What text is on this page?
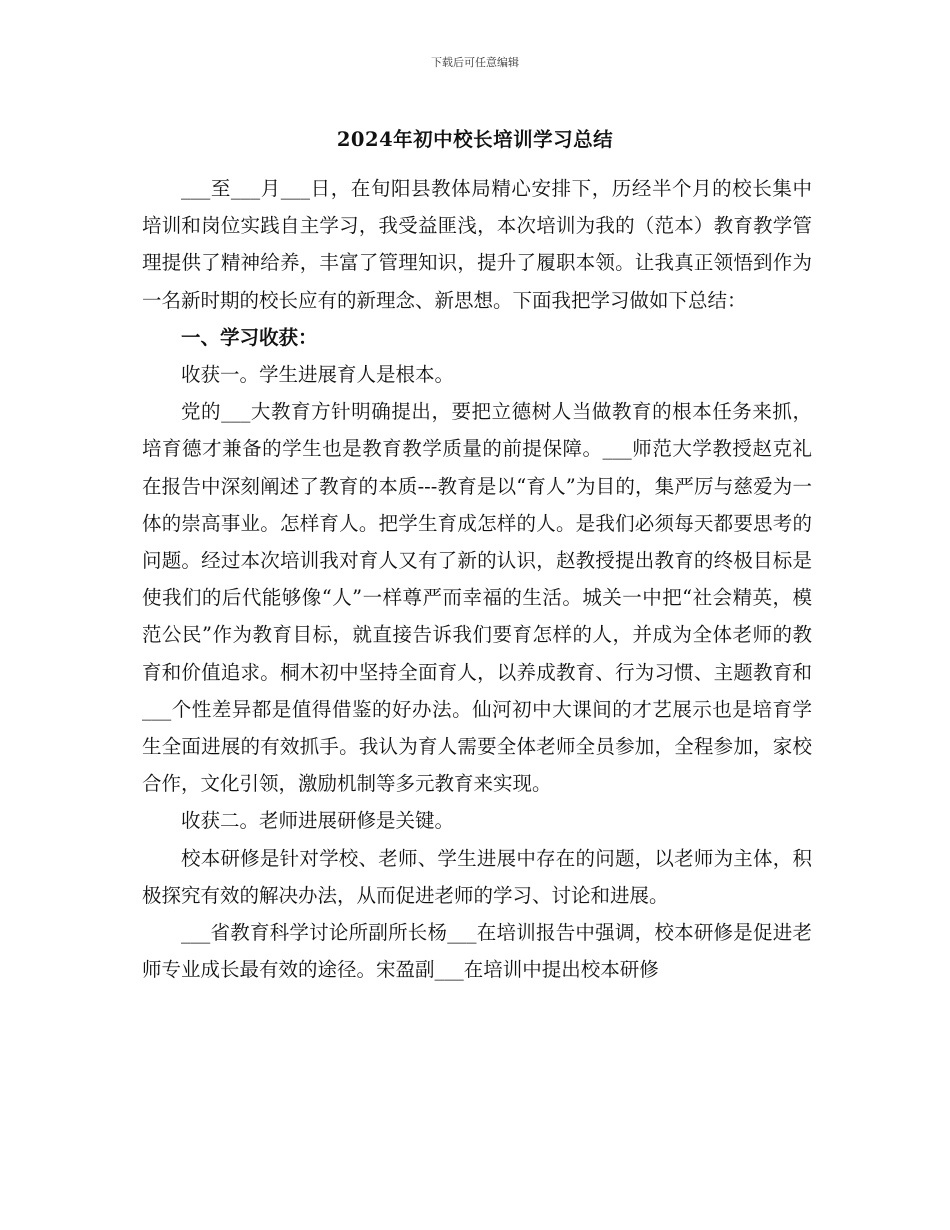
下载后可任意编辑
2024年初中校长培训学习总结

___至___月___日，在旬阳县教体局精心安排下，历经半个月的校长集中培训和岗位实践自主学习，我受益匪浅，本次培训为我的（范本）教育教学管理提供了精神给养，丰富了管理知识，提升了履职本领。让我真正领悟到作为一名新时期的校长应有的新理念、新思想。下面我把学习做如下总结：

一、学习收获：

收获一。学生进展育人是根本。

党的___大教育方针明确提出，要把立德树人当做教育的根本任务来抓，培育德才兼备的学生也是教育教学质量的前提保障。___师范大学教授赵克礼在报告中深刻阐述了教育的本质---教育是以“育人”为目的，集严厉与慈爱为一体的崇高事业。怎样育人。把学生育成怎样的人。是我们必须每天都要思考的问题。经过本次培训我对育人又有了新的认识，赵教授提出教育的终极目标是使我们的后代能够像“人”一样尊严而幸福的生活。城关一中把“社会精英，模范公民”作为教育目标，就直接告诉我们要育怎样的人，并成为全体老师的教育和价值追求。桐木初中坚持全面育人，以养成教育、行为习惯、主题教育和___个性差异都是值得借鉴的好办法。仙河初中大课间的才艺展示也是培育学生全面进展的有效抓手。我认为育人需要全体老师全员参加，全程参加，家校合作，文化引领，激励机制等多元教育来实现。

收获二。老师进展研修是关键。

校本研修是针对学校、老师、学生进展中存在的问题，以老师为主体，积极探究有效的解决办法，从而促进老师的学习、讨论和进展。

___省教育科学讨论所副所长杨___在培训报告中强调，校本研修是促进老师专业成长最有效的途径。宋盈副___在培训中提出校本研修
